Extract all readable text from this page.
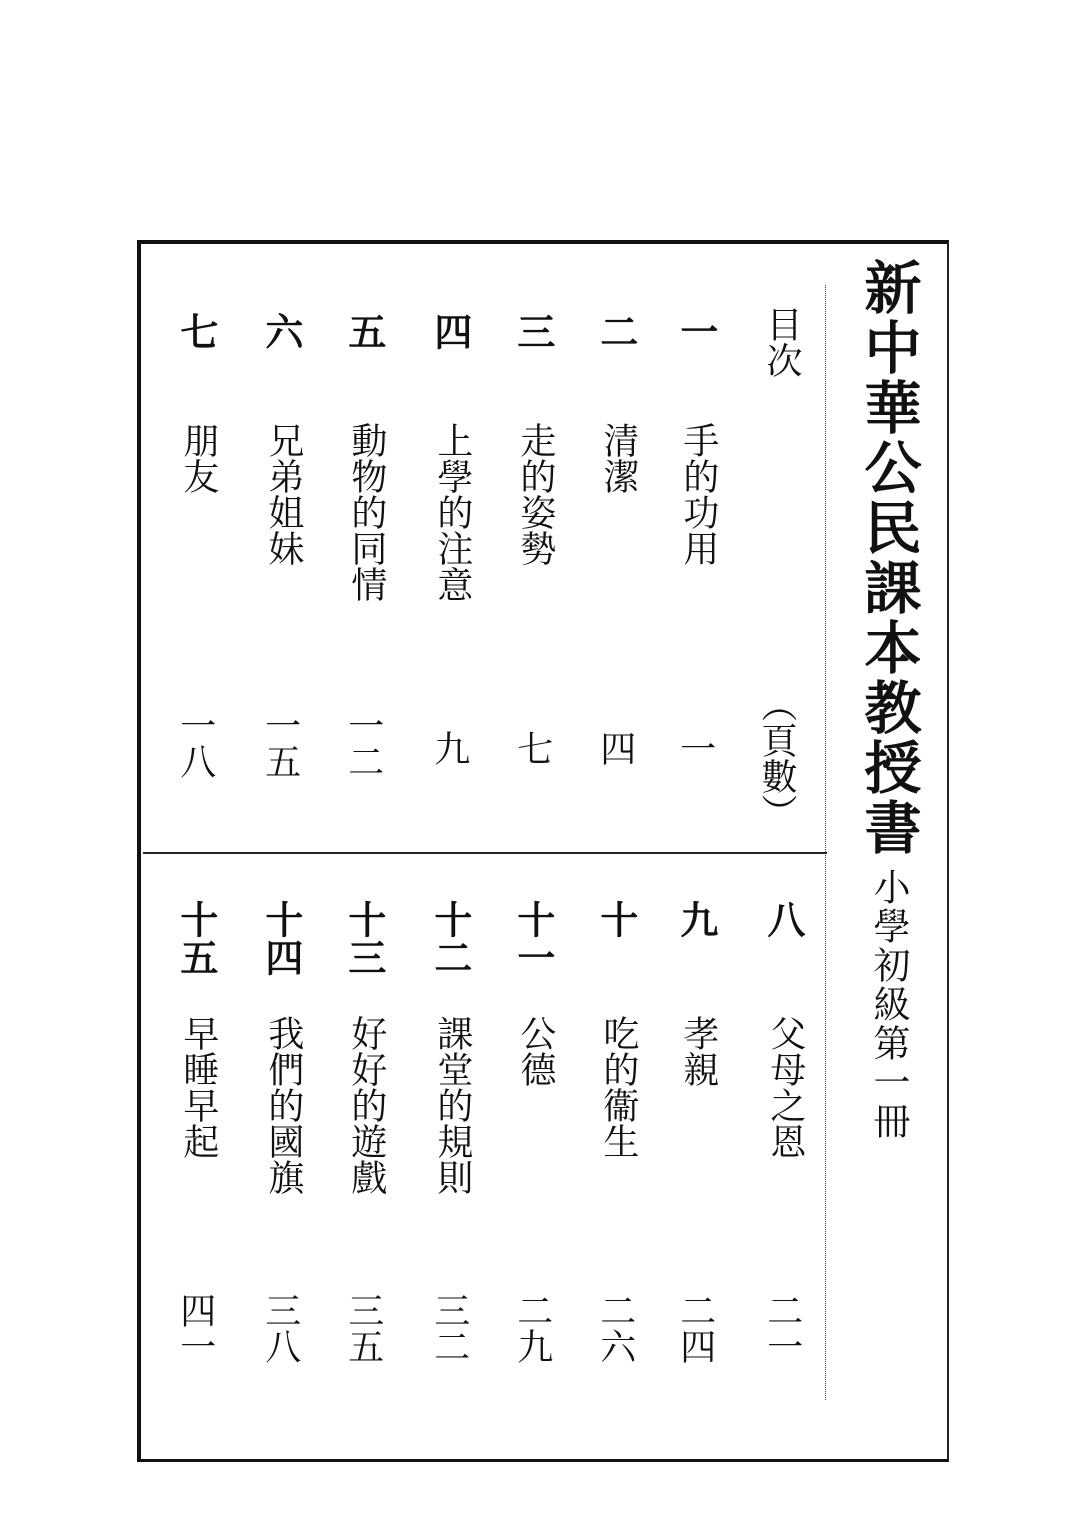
新中華公民課本教授書
小學初級第一冊
目次
（頁數）
一
手的功用
一
二
清潔
四
三
走的姿勢
七
四
上學的注意
九
五
動物的同情
一二
六
兄弟姐妹
一五
七
朋友
一八
八
父母之恩
二一
九
孝親
二四
十
吃的衞生
二六
十一
公德
二九
十二
課堂的規則
三二
十三
好好的遊戲
三五
十四
我們的國旗
三八
十五
早睡早起
四一
